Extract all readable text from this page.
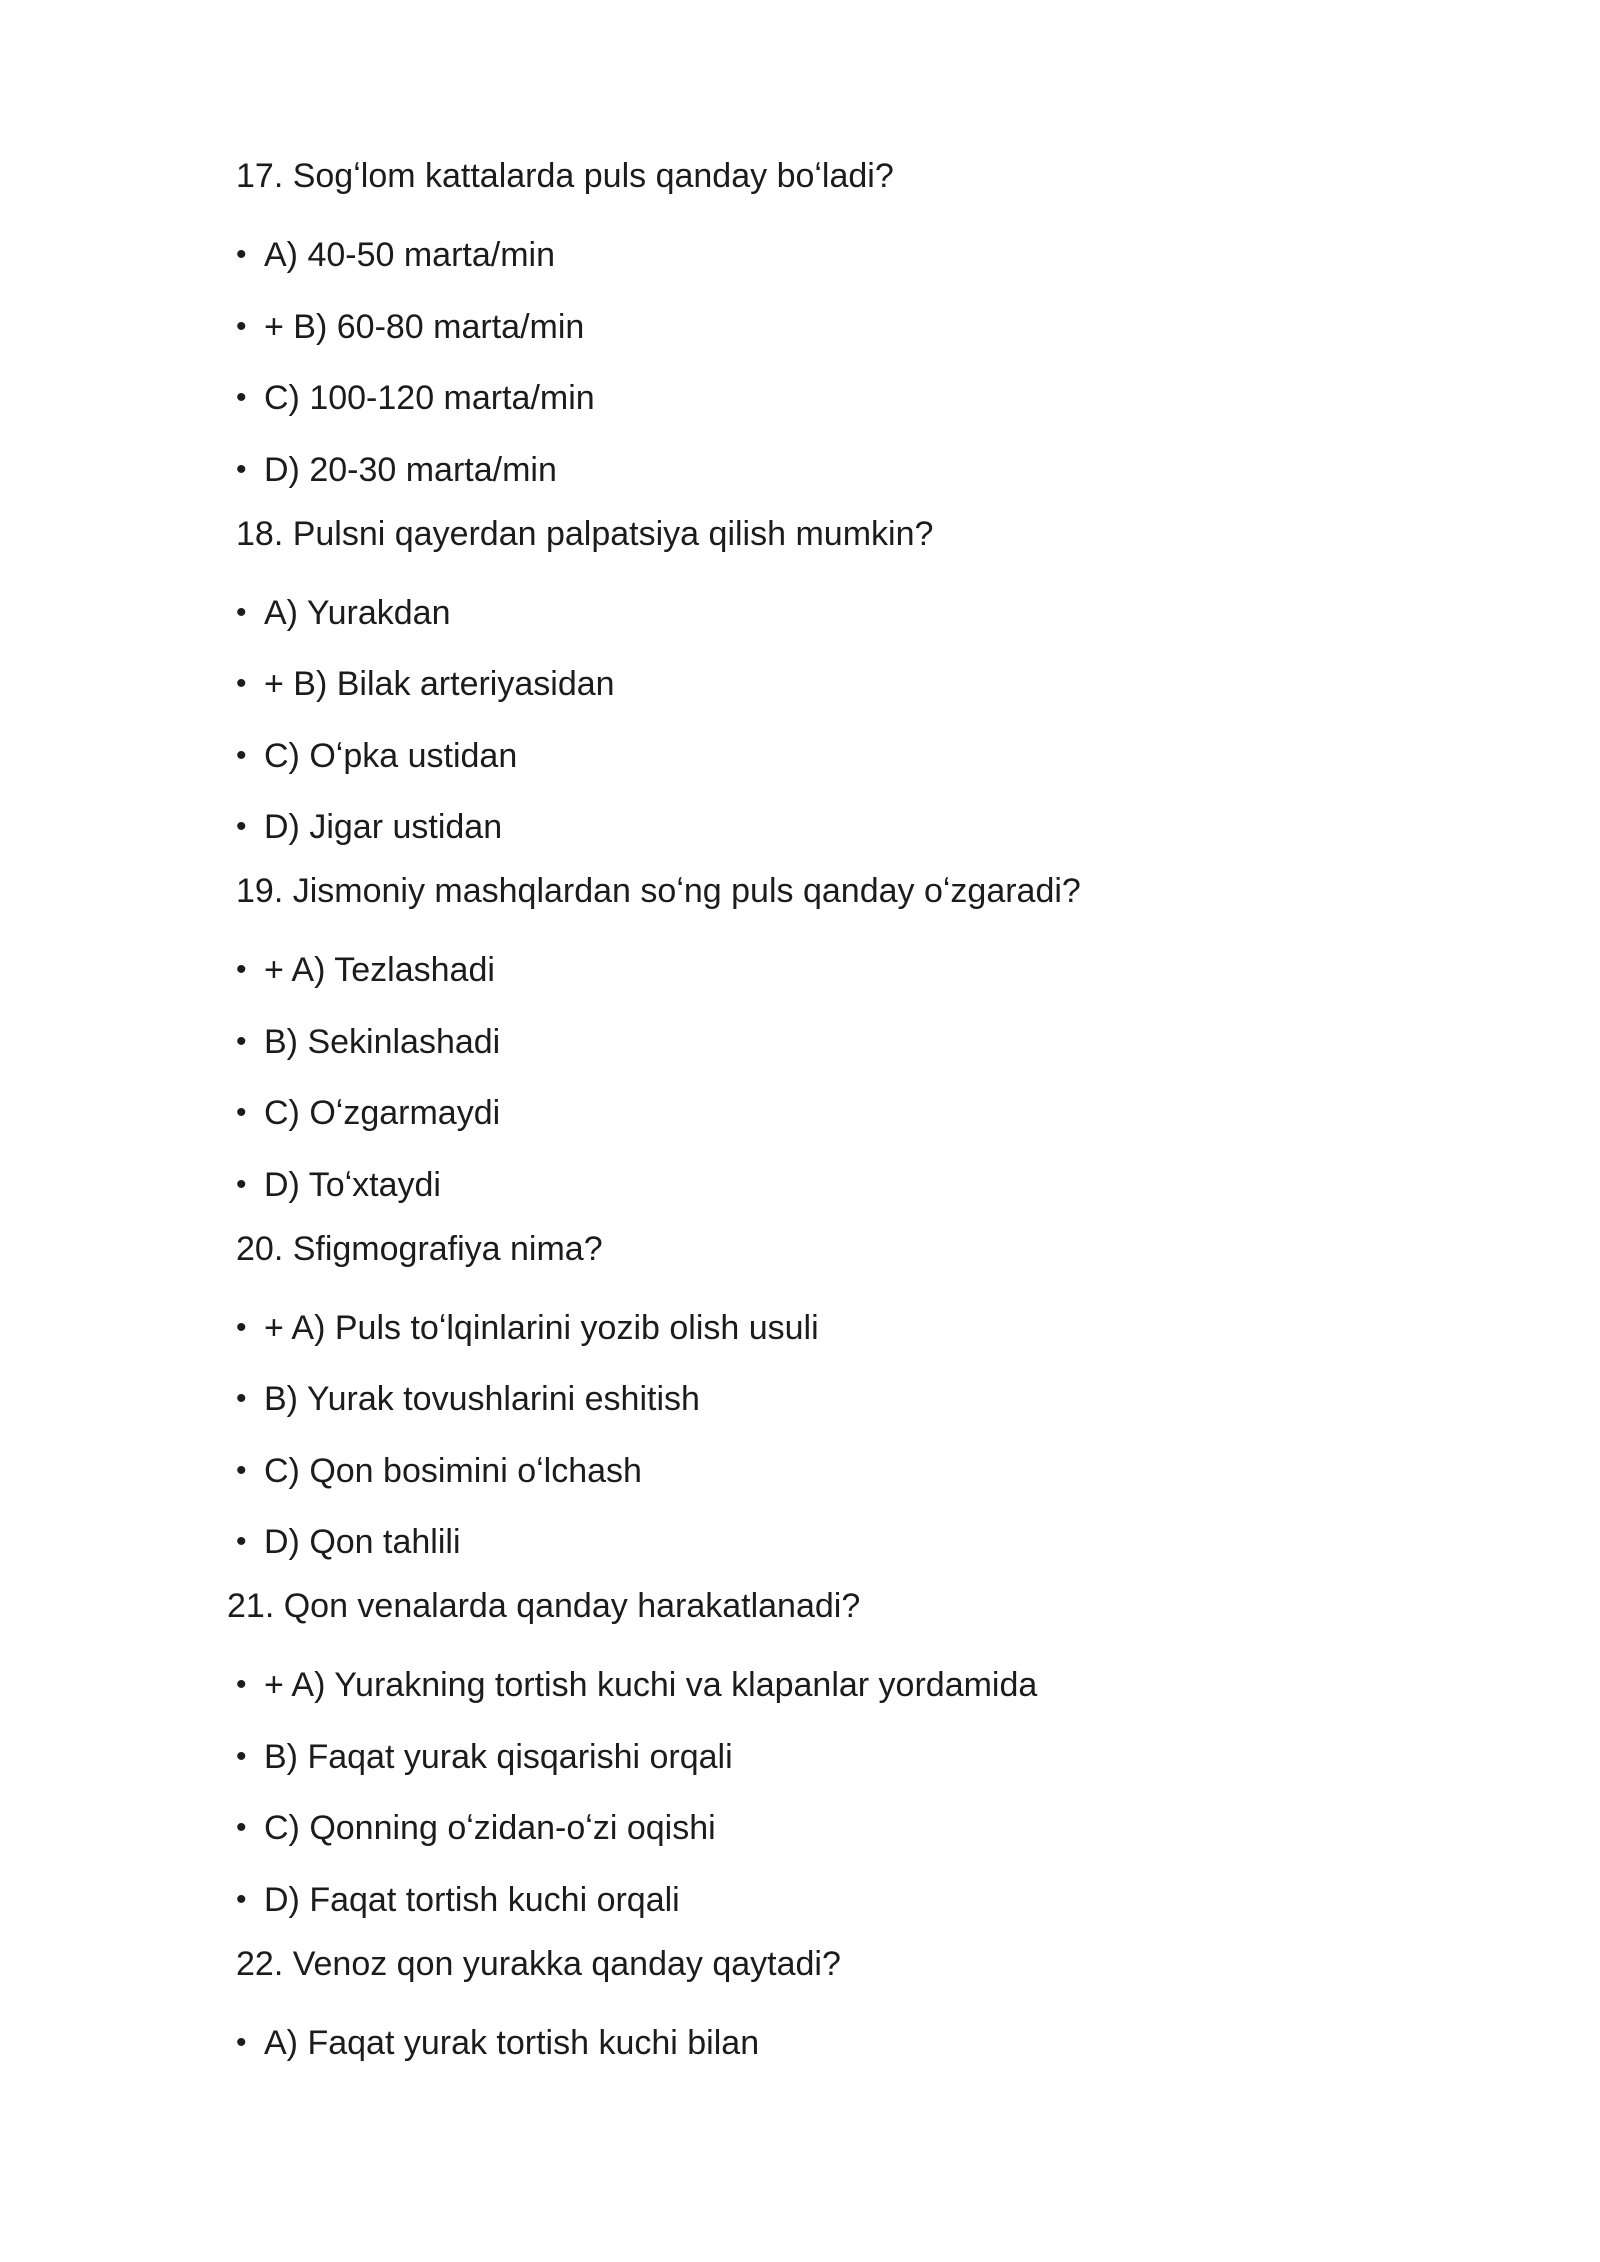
17. Sogʻlom kattalarda puls qanday boʻladi?
• A) 40-50 marta/min
• + B) 60-80 marta/min
• C) 100-120 marta/min
• D) 20-30 marta/min
18. Pulsni qayerdan palpatsiya qilish mumkin?
• A) Yurakdan
• + B) Bilak arteriyasidan
• C) Oʻpka ustidan
• D) Jigar ustidan
19. Jismoniy mashqlardan soʻng puls qanday oʻzgaradi?
• + A) Tezlashadi
• B) Sekinlashadi
• C) Oʻzgarmaydi
• D) Toʻxtaydi
20. Sfigmografiya nima?
• + A) Puls toʻlqinlarini yozib olish usuli
• B) Yurak tovushlarini eshitish
• C) Qon bosimini oʻlchash
• D) Qon tahlili
21. Qon venalarda qanday harakatlanadi?
• + A) Yurakning tortish kuchi va klapanlar yordamida
• B) Faqat yurak qisqarishi orqali
• C) Qonning oʻzidan-oʻzi oqishi
• D) Faqat tortish kuchi orqali
22. Venoz qon yurakka qanday qaytadi?
• A) Faqat yurak tortish kuchi bilan
